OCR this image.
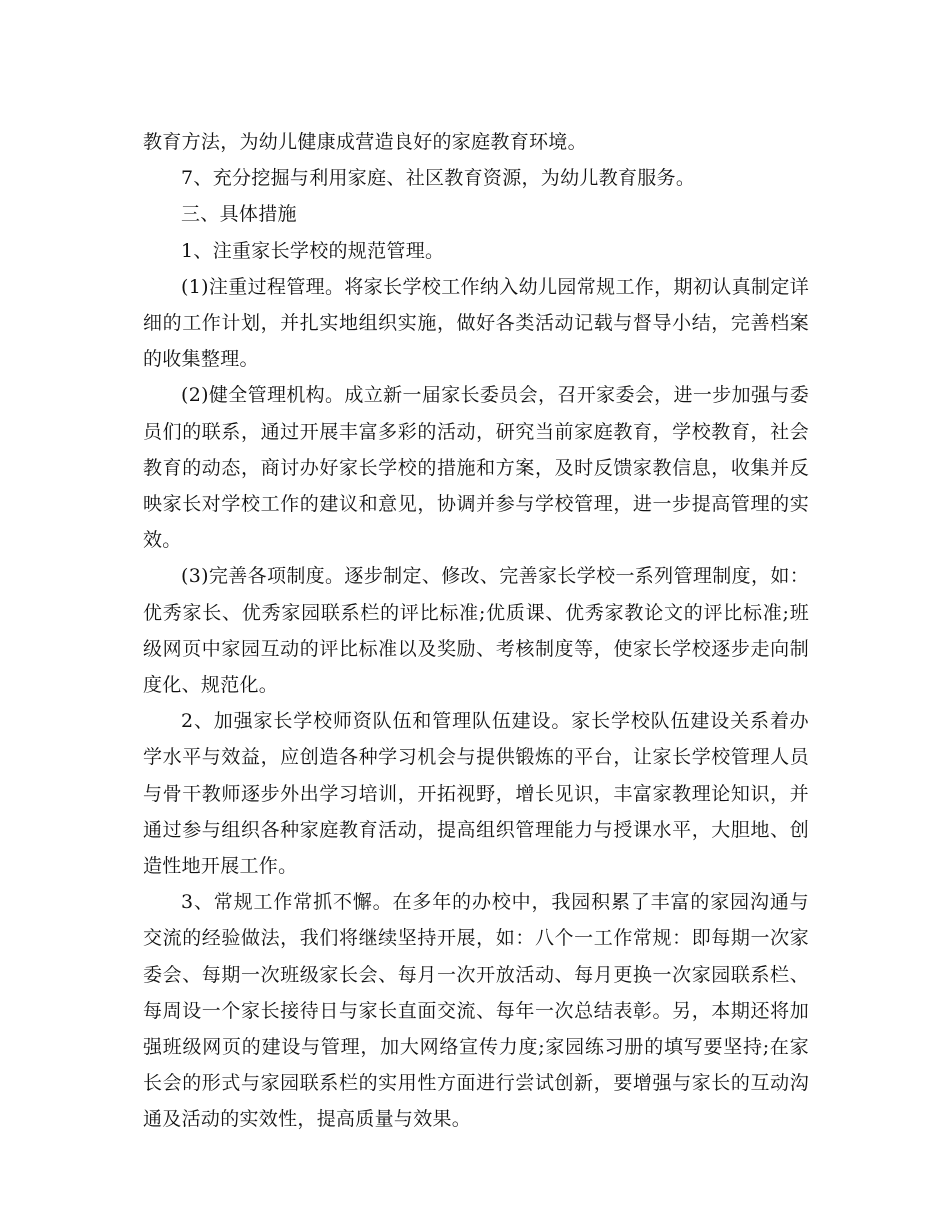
教育方法，为幼儿健康成营造良好的家庭教育环境。

7、充分挖掘与利用家庭、社区教育资源，为幼儿教育服务。

三、具体措施

1、注重家长学校的规范管理。

(1)注重过程管理。将家长学校工作纳入幼儿园常规工作，期初认真制定详细的工作计划，并扎实地组织实施，做好各类活动记载与督导小结，完善档案的收集整理。

(2)健全管理机构。成立新一届家长委员会，召开家委会，进一步加强与委员们的联系，通过开展丰富多彩的活动，研究当前家庭教育，学校教育，社会教育的动态，商讨办好家长学校的措施和方案，及时反馈家教信息，收集并反映家长对学校工作的建议和意见，协调并参与学校管理，进一步提高管理的实效。

(3)完善各项制度。逐步制定、修改、完善家长学校一系列管理制度，如：优秀家长、优秀家园联系栏的评比标准;优质课、优秀家教论文的评比标准;班级网页中家园互动的评比标准以及奖励、考核制度等，使家长学校逐步走向制度化、规范化。

2、加强家长学校师资队伍和管理队伍建设。家长学校队伍建设关系着办学水平与效益，应创造各种学习机会与提供锻炼的平台，让家长学校管理人员与骨干教师逐步外出学习培训，开拓视野，增长见识，丰富家教理论知识，并通过参与组织各种家庭教育活动，提高组织管理能力与授课水平，大胆地、创造性地开展工作。

3、常规工作常抓不懈。在多年的办校中，我园积累了丰富的家园沟通与交流的经验做法，我们将继续坚持开展，如：八个一工作常规：即每期一次家委会、每期一次班级家长会、每月一次开放活动、每月更换一次家园联系栏、每周设一个家长接待日与家长直面交流、每年一次总结表彰。另，本期还将加强班级网页的建设与管理，加大网络宣传力度;家园练习册的填写要坚持;在家长会的形式与家园联系栏的实用性方面进行尝试创新，要增强与家长的互动沟通及活动的实效性，提高质量与效果。
